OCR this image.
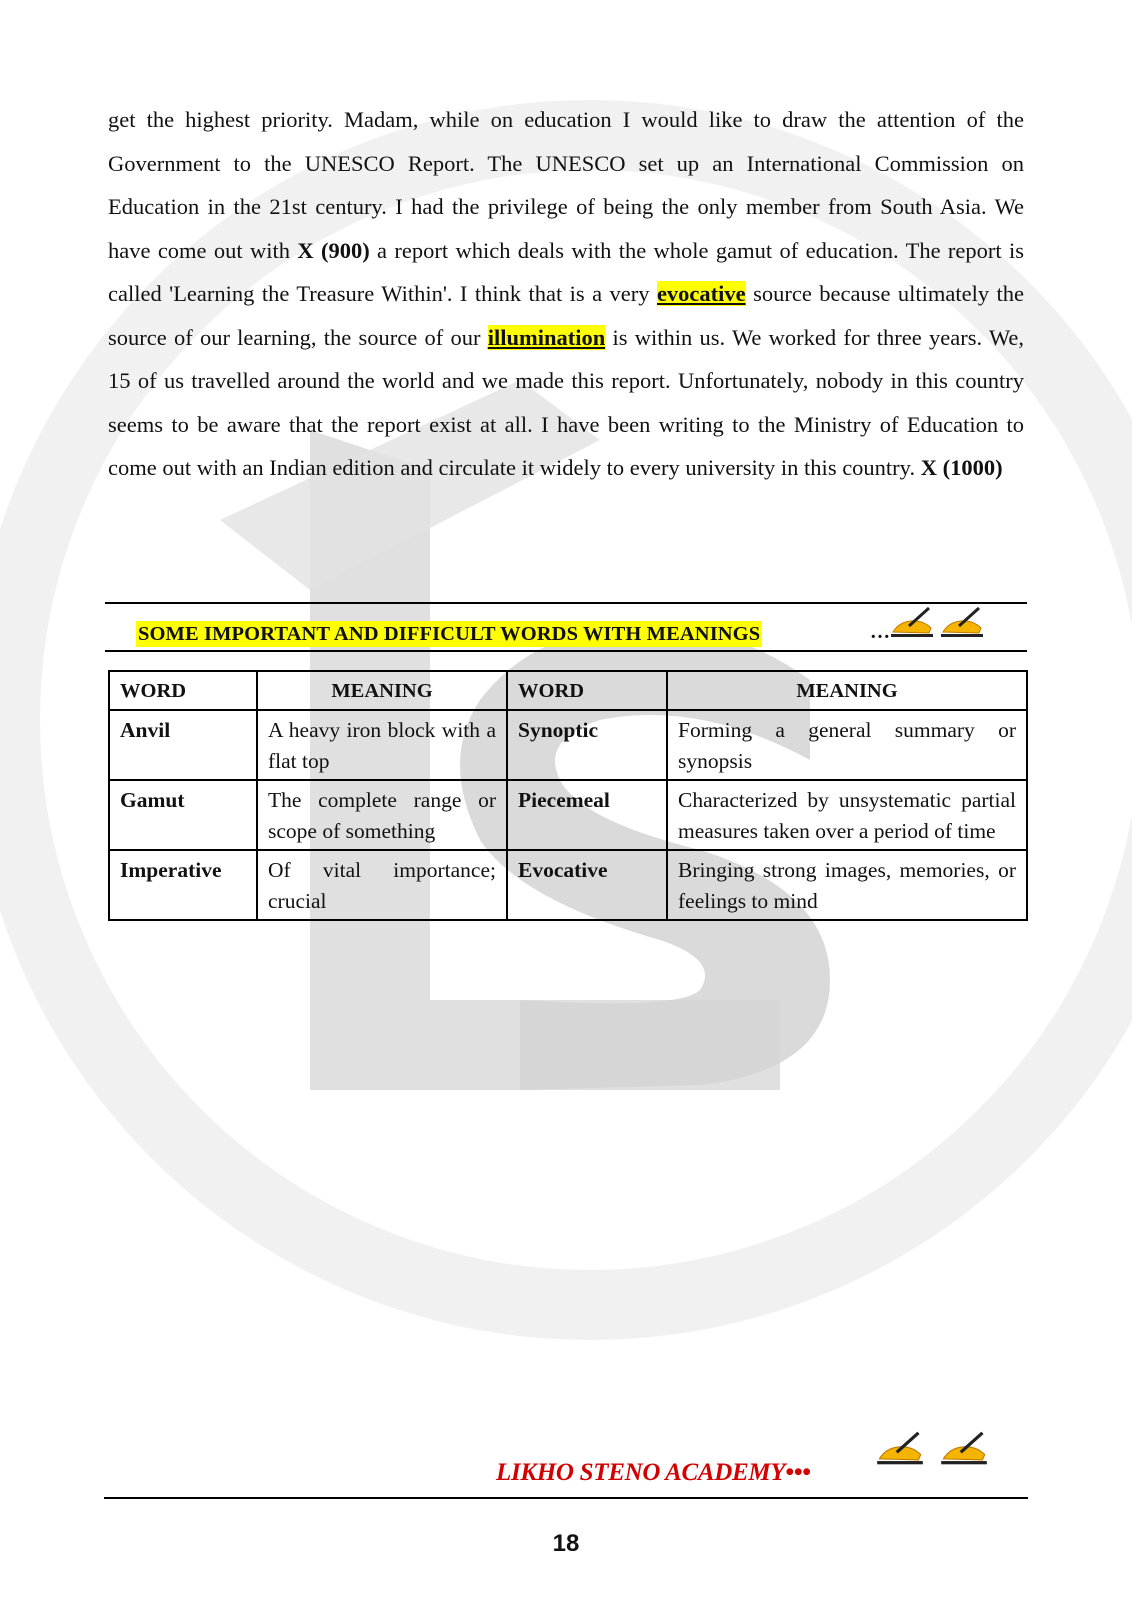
get the highest priority. Madam, while on education I would like to draw the attention of the Government to the UNESCO Report. The UNESCO set up an International Commission on Education in the 21st century. I had the privilege of being the only member from South Asia. We have come out with X (900) a report which deals with the whole gamut of education. The report is called 'Learning the Treasure Within'. I think that is a very evocative source because ultimately the source of our learning, the source of our illumination is within us. We worked for three years. We, 15 of us travelled around the world and we made this report. Unfortunately, nobody in this country seems to be aware that the report exist at all. I have been writing to the Ministry of Education to come out with an Indian edition and circulate it widely to every university in this country. X (1000)
SOME IMPORTANT AND DIFFICULT WORDS WITH MEANINGS	…
WORD	MEANING	WORD	MEANING
Anvil	A heavy iron block with a flat top	Synoptic	Forming a general summary or synopsis
Gamut	The complete range or scope of something	Piecemeal	Characterized by unsystematic partial measures taken over a period of time
Imperative	Of vital importance; crucial	Evocative	Bringing strong images, memories, or feelings to mind
LIKHO STENO ACADEMY•••
18
